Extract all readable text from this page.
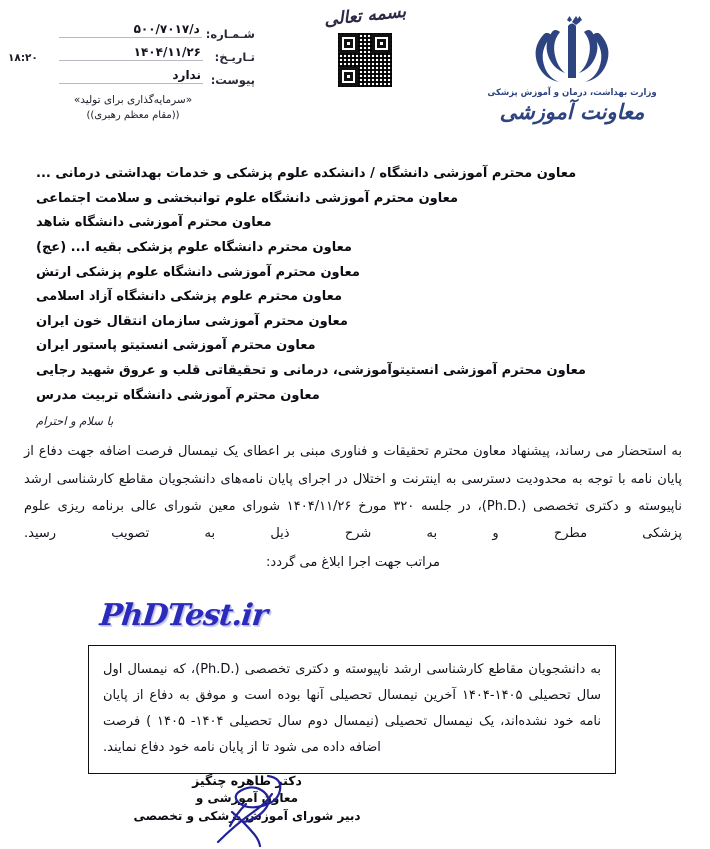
۱۸:۲۰
شـمـاره:
د/۵۰۰/۷۰۱۷
تـاریـخ:
۱۴۰۴/۱۱/۲۶
پیوست:
ندارد
«سرمایه‌گذاری برای تولید»
((مقام معظم رهبری))
بسمه تعالی
وزارت بهداشت، درمان و آموزش پزشکی
معاونت آموزشی
معاون محترم آموزشی دانشگاه / دانشکده علوم پزشکی و خدمات بهداشتی درمانی ...
معاون محترم آموزشی دانشگاه علوم توانبخشی و سلامت اجتماعی
معاون محترم آموزشی دانشگاه شاهد
معاون محترم دانشگاه علوم پزشکی بقیه ا... (عج)
معاون محترم آموزشی دانشگاه علوم پزشکی ارتش
معاون محترم علوم پزشکی دانشگاه آزاد اسلامی
معاون محترم آموزشی سازمان انتقال خون ایران
معاون محترم آموزشی انستیتو پاستور ایران
معاون محترم آموزشی انستیتوآموزشی، درمانی و تحقیقاتی قلب و عروق شهید رجایی
معاون محترم آموزشی دانشگاه تربیت مدرس
با سلام و احترام

به استحضار می رساند، پیشنهاد معاون محترم تحقیقات و فناوری مبنی بر اعطای یک نیمسال فرصت اضافه جهت دفاع از پایان نامه با توجه به محدودیت دسترسی به اینترنت و اختلال در اجرای پایان نامه‌های دانشجویان مقاطع کارشناسی ارشد ناپیوسته و دکتری تخصصی (.Ph.D)، در جلسه ۳۲۰ مورخ ۱۴۰۴/۱۱/۲۶ شورای معین شورای عالی برنامه ریزی علوم پزشکی مطرح و به شرح ذیل به تصویب رسید.

مراتب جهت اجرا ابلاغ می گردد:
PhDTest.ir

به دانشجویان مقاطع کارشناسی ارشد ناپیوسته و دکتری تخصصی (.Ph.D)، که نیمسال اول سال تحصیلی ۱۴۰۵-۱۴۰۴ آخرین نیمسال تحصیلی آنها بوده است و موفق به دفاع از پایان نامه خود نشده‌اند، یک نیمسال تحصیلی (نیمسال دوم سال تحصیلی ۱۴۰۴- ۱۴۰۵ ) فرصت اضافه داده می شود تا از پایان نامه خود دفاع نمایند.

دکتر طاهره چنگیز
معاون آموزشی و
دبیر شورای آموزش پزشکی و تخصصی
